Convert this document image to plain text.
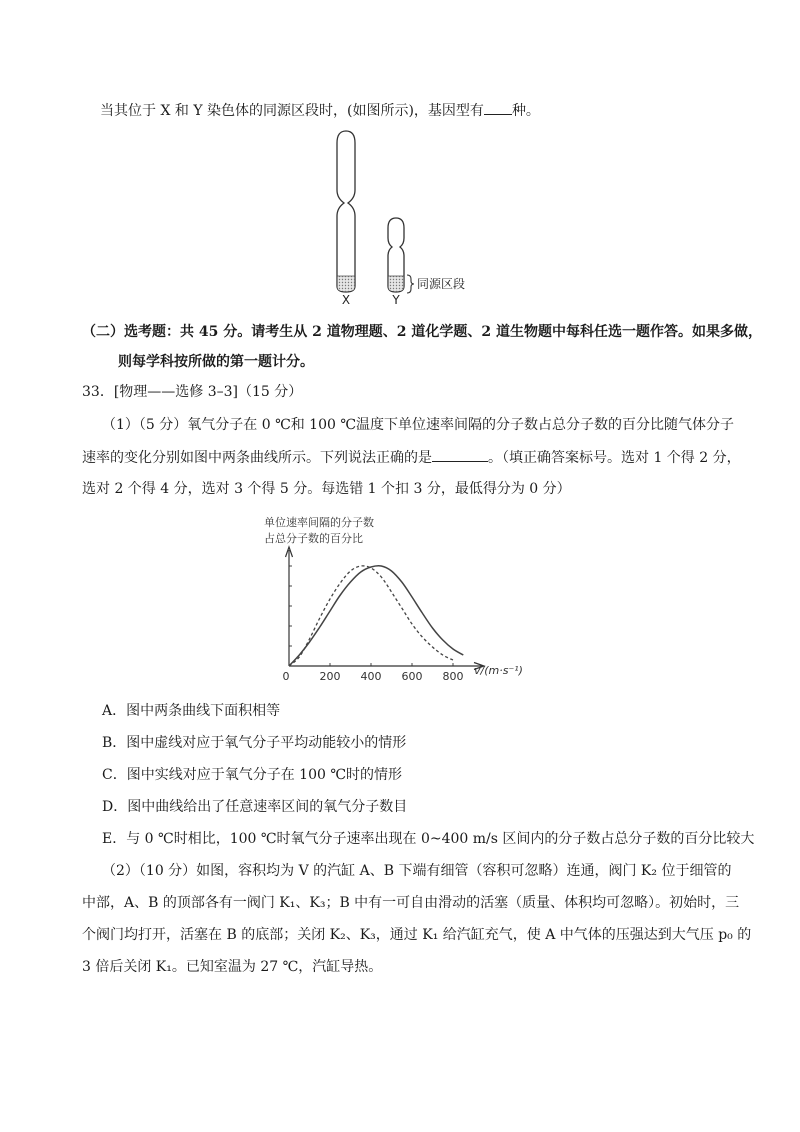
当其位于 X 和 Y 染色体的同源区段时，(如图所示)，基因型有 种。
X	Y
同源区段
（二）选考题：共 45 分。请考生从 2 道物理题、2 道化学题、2 道生物题中每科任选一题作答。如果多做，
则每学科按所做的第一题计分。
33．[物理——选修 3–3]（15 分）
（1）（5 分）氧气分子在 0 ℃和 100 ℃温度下单位速率间隔的分子数占总分子数的百分比随气体分子
速率的变化分别如图中两条曲线所示。下列说法正确的是	。（填正确答案标号。选对 1 个得 2 分，
选对 2 个得 4 分，选对 3 个得 5 分。每选错 1 个扣 3 分，最低得分为 0 分）
单位速率间隔的分子数
占总分子数的百分比
0	200 400 600 800 v/(m·s⁻¹)
A．图中两条曲线下面积相等
B．图中虚线对应于氧气分子平均动能较小的情形
C．图中实线对应于氧气分子在 100 ℃时的情形
D．图中曲线给出了任意速率区间的氧气分子数目
E．与 0 ℃时相比，100 ℃时氧气分子速率出现在 0~400 m/s 区间内的分子数占总分子数的百分比较大
（2）（10 分）如图，容积均为 V 的汽缸 A、B 下端有细管（容积可忽略）连通，阀门 K₂ 位于细管的
中部，A、B 的顶部各有一阀门 K₁、K₃；B 中有一可自由滑动的活塞（质量、体积均可忽略）。初始时，三
个阀门均打开，活塞在 B 的底部；关闭 K₂、K₃，通过 K₁ 给汽缸充气，使 A 中气体的压强达到大气压 p₀ 的
3 倍后关闭 K₁。已知室温为 27 ℃，汽缸导热。
